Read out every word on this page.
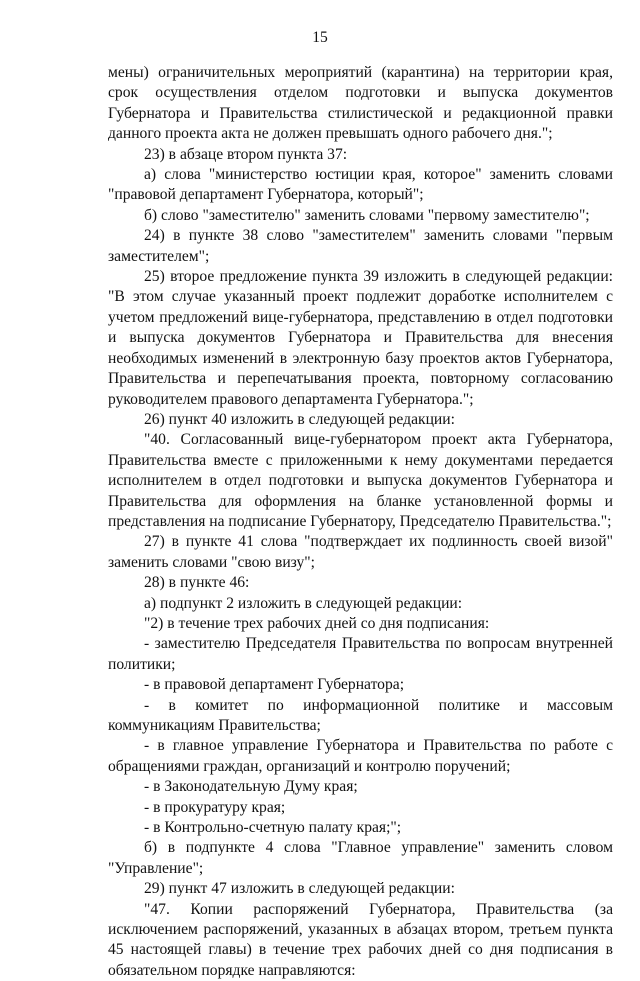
15

мены) ограничительных мероприятий (карантина) на территории края, срок осуществления отделом подготовки и выпуска документов Губернатора и Правительства стилистической и редакционной правки данного проекта акта не должен превышать одного рабочего дня.";

23) в абзаце втором пункта 37:

а) слова "министерство юстиции края, которое" заменить словами "правовой департамент Губернатора, который";

б) слово "заместителю" заменить словами "первому заместителю";

24) в пункте 38 слово "заместителем" заменить словами "первым заместителем";

25) второе предложение пункта 39 изложить в следующей редакции: "В этом случае указанный проект подлежит доработке исполнителем с учетом предложений вице-губернатора, представлению в отдел подготовки и выпуска документов Губернатора и Правительства для внесения необходимых изменений в электронную базу проектов актов Губернатора, Правительства и перепечатывания проекта, повторному согласованию руководителем правового департамента Губернатора.";

26) пункт 40 изложить в следующей редакции:

"40. Согласованный вице-губернатором проект акта Губернатора, Правительства вместе с приложенными к нему документами передается исполнителем в отдел подготовки и выпуска документов Губернатора и Правительства для оформления на бланке установленной формы и представления на подписание Губернатору, Председателю Правительства.";

27) в пункте 41 слова "подтверждает их подлинность своей визой" заменить словами "свою визу";

28) в пункте 46:

а) подпункт 2 изложить в следующей редакции:

"2) в течение трех рабочих дней со дня подписания:

- заместителю Председателя Правительства по вопросам внутренней политики;

- в правовой департамент Губернатора;

- в комитет по информационной политике и массовым коммуникациям Правительства;

- в главное управление Губернатора и Правительства по работе с обращениями граждан, организаций и контролю поручений;

- в Законодательную Думу края;

- в прокуратуру края;

- в Контрольно-счетную палату края;";

б) в подпункте 4 слова "Главное управление" заменить словом "Управление";

29) пункт 47 изложить в следующей редакции:

"47. Копии распоряжений Губернатора, Правительства (за исключением распоряжений, указанных в абзацах втором, третьем пункта 45 настоящей главы) в течение трех рабочих дней со дня подписания в обязательном порядке направляются:
